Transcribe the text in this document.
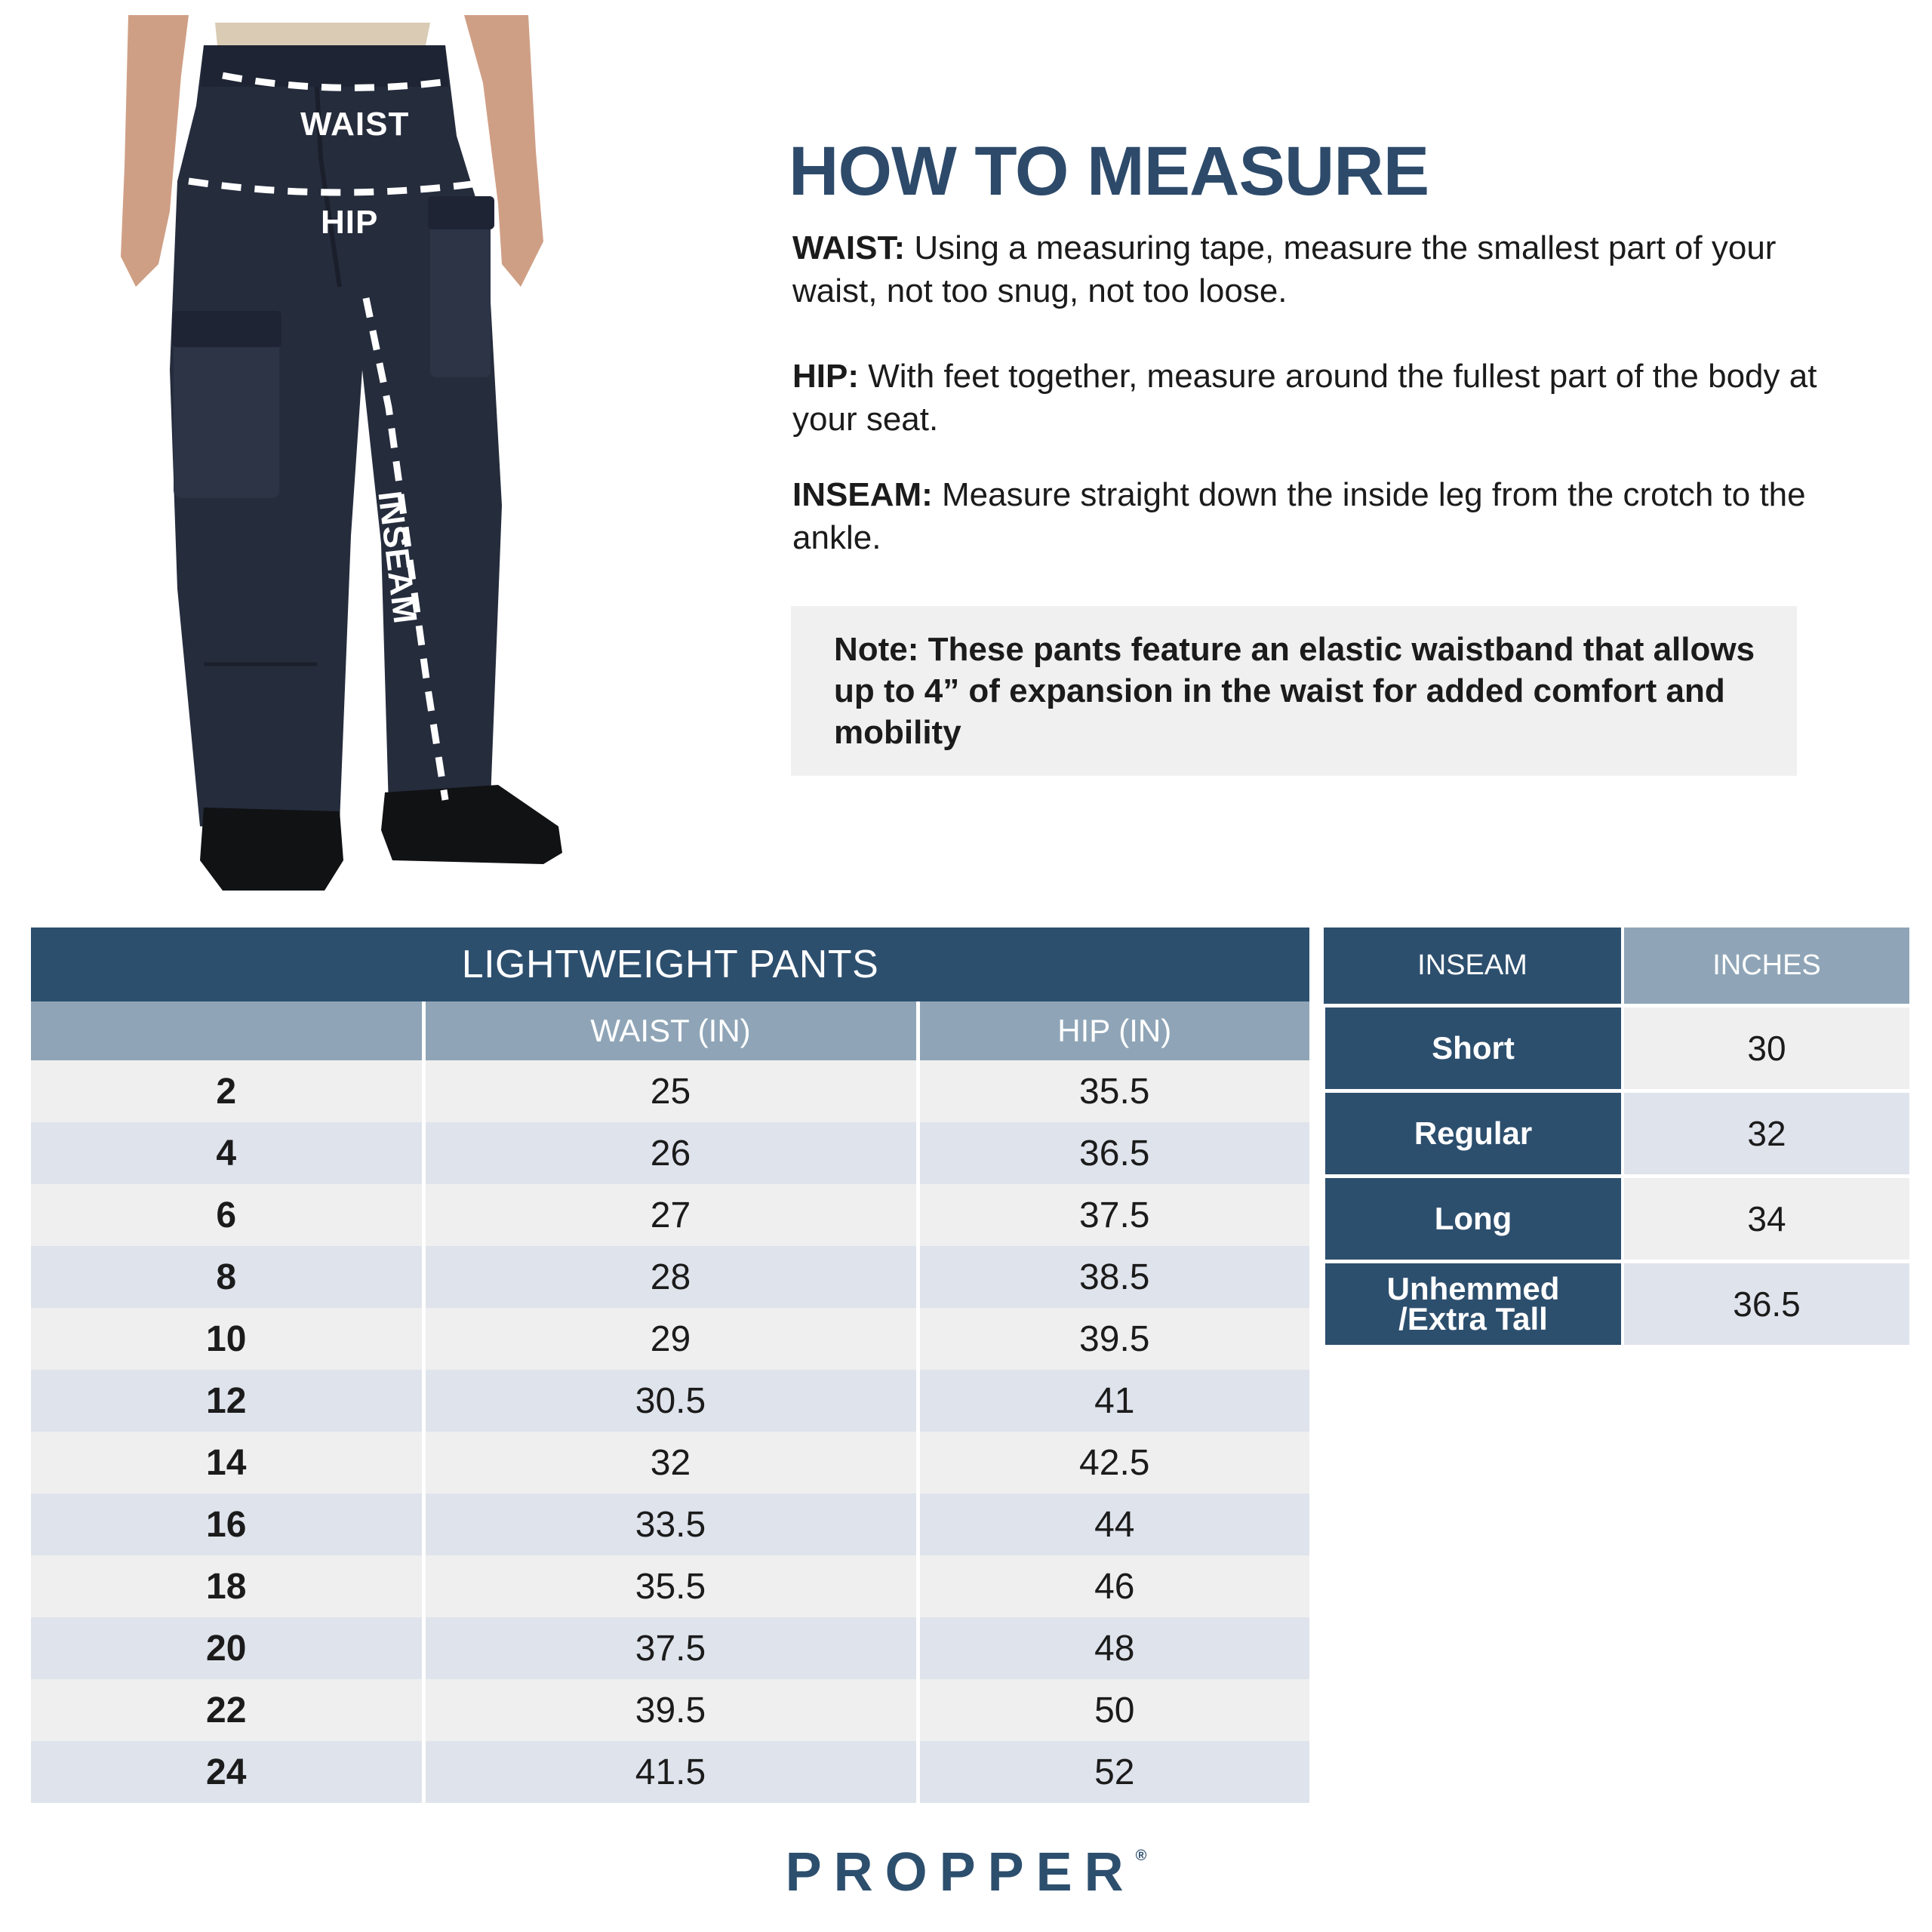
WAIST
HIP
INSEAM
HOW TO MEASURE

WAIST: Using a measuring tape, measure the smallest part of your waist, not too snug, not too loose.

HIP: With feet together, measure around the fullest part of the body at your seat.

INSEAM: Measure straight down the inside leg from the crotch to the ankle.

Note: These pants feature an elastic waistband that allows up to 4” of expansion in the waist for added comfort and mobility

LIGHTWEIGHT PANTS		
	WAIST (IN)	HIP (IN)
2	25	35.5
4	26	36.5
6	27	37.5
8	28	38.5
10	29	39.5
12	30.5	41
14	32	42.5
16	33.5	44
18	35.5	46
20	37.5	48
22	39.5	50
24	41.5	52
INSEAM	INCHES
Short	30
Regular	32
Long	34
Unhemmed
/Extra Tall	36.5
PROPPER®
